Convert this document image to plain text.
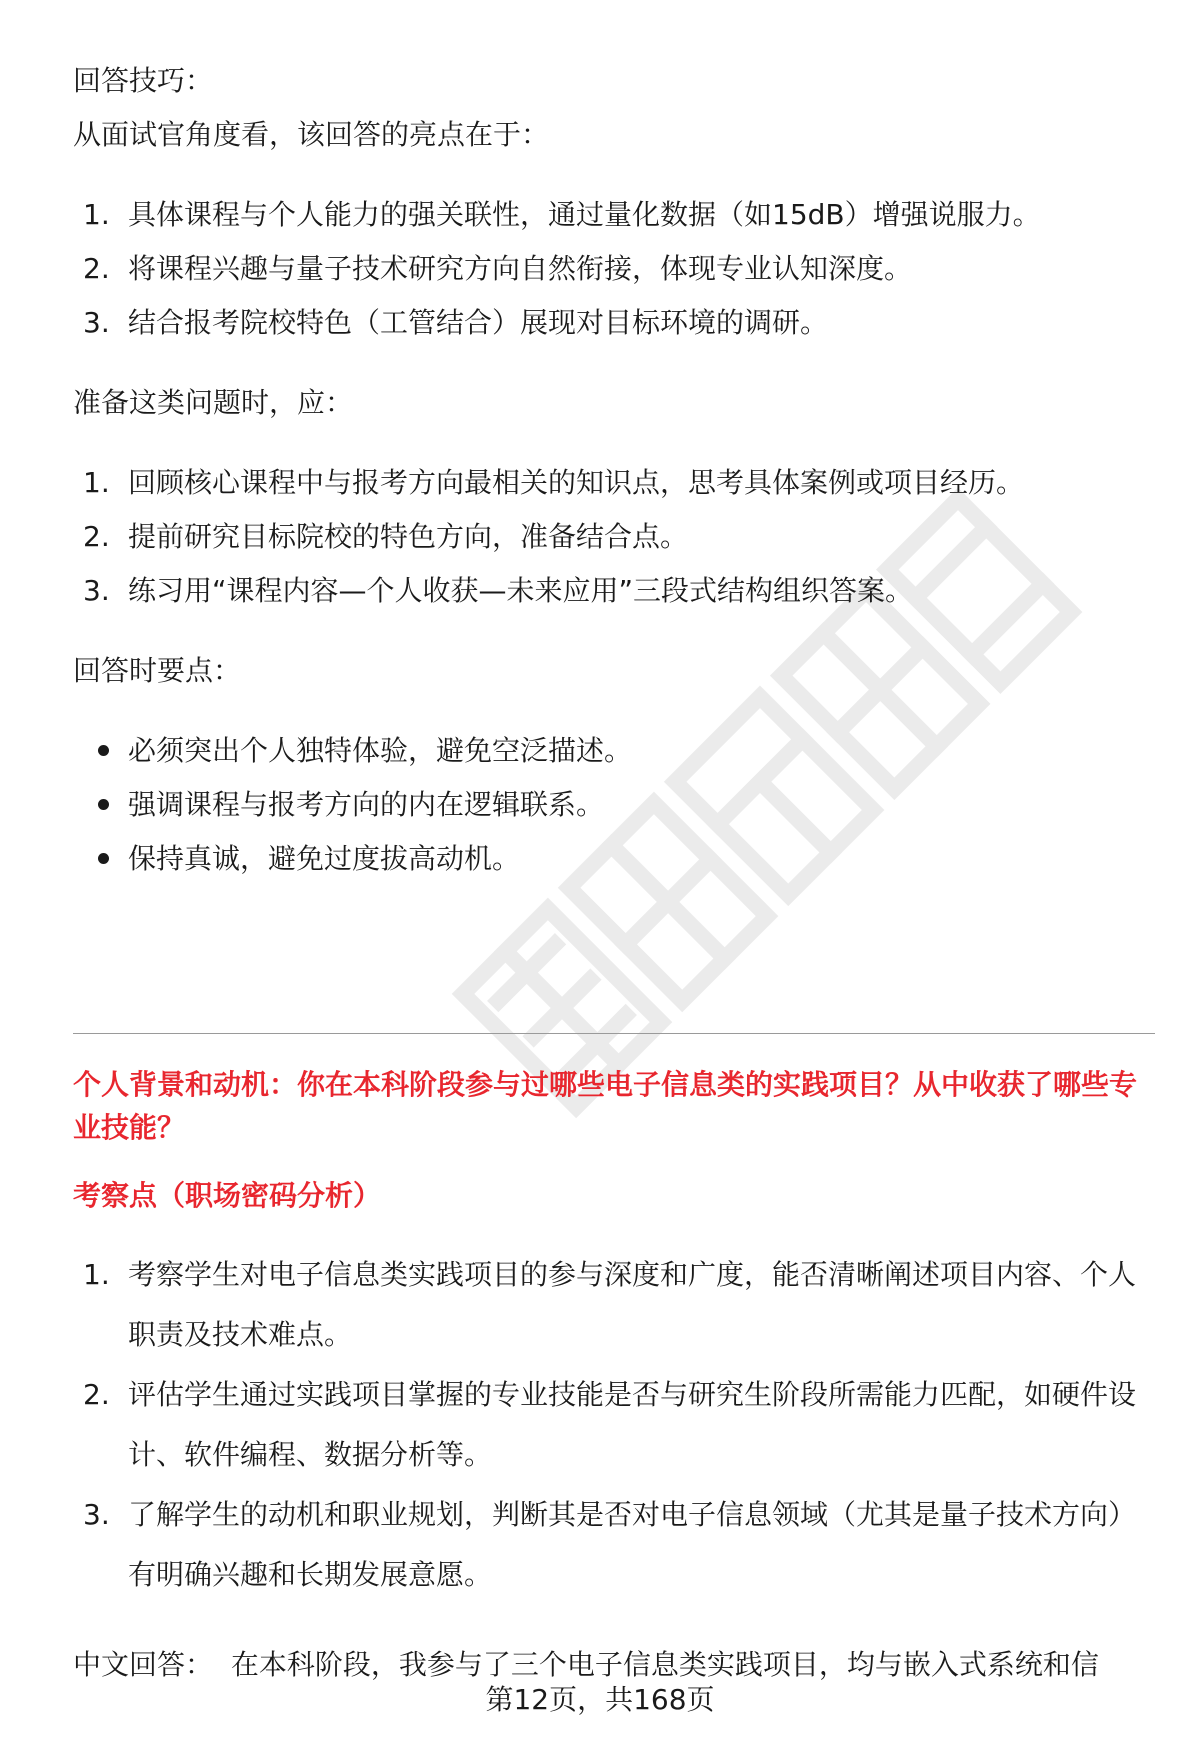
回答技巧：

从面试官角度看，该回答的亮点在于：

1. 具体课程与个人能力的强关联性，通过量化数据（如15dB）增强说服力。
2. 将课程兴趣与量子技术研究方向自然衔接，体现专业认知深度。
3. 结合报考院校特色（工管结合）展现对目标环境的调研。

准备这类问题时，应：

1. 回顾核心课程中与报考方向最相关的知识点，思考具体案例或项目经历。
2. 提前研究目标院校的特色方向，准备结合点。
3. 练习用“课程内容—个人收获—未来应用”三段式结构组织答案。

回答时要点：

必须突出个人独特体验，避免空泛描述。
强调课程与报考方向的内在逻辑联系。
保持真诚，避免过度拔高动机。
个人背景和动机：你在本科阶段参与过哪些电子信息类的实践项目？从中收获了哪些专业技能？
考察点（职场密码分析）
1. 考察学生对电子信息类实践项目的参与深度和广度，能否清晰阐述项目内容、个人职责及技术难点。
2. 评估学生通过实践项目掌握的专业技能是否与研究生阶段所需能力匹配，如硬件设计、软件编程、数据分析等。
3. 了解学生的动机和职业规划，判断其是否对电子信息领域（尤其是量子技术方向）有明确兴趣和长期发展意愿。

中文回答： 在本科阶段，我参与了三个电子信息类实践项目，均与嵌入式系统和信

第12页，共168页
